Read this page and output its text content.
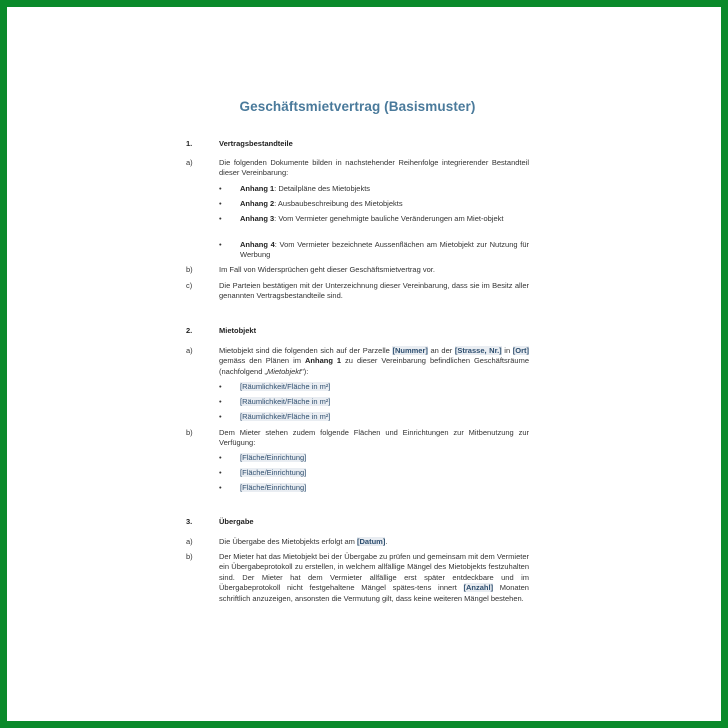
Geschäftsmietvertrag (Basismuster)
1.	Vertragsbestandteile
a)	Die folgenden Dokumente bilden in nachstehender Reihenfolge integrierender Bestandteil dieser Vereinbarung:
• Anhang 1: Detailpläne des Mietobjekts
• Anhang 2: Ausbaubeschreibung des Mietobjekts
• Anhang 3: Vom Vermieter genehmigte bauliche Veränderungen am Miet-objekt
• Anhang 4: Vom Vermieter bezeichnete Aussenflächen am Mietobjekt zur Nutzung für Werbung
b)	Im Fall von Widersprüchen geht dieser Geschäftsmietvertrag vor.
c)	Die Parteien bestätigen mit der Unterzeichnung dieser Vereinbarung, dass sie im Besitz aller genannten Vertragsbestandteile sind.
2.	Mietobjekt
a)	Mietobjekt sind die folgenden sich auf der Parzelle [Nummer] an der [Strasse, Nr.] in [Ort] gemäss den Plänen im Anhang 1 zu dieser Vereinbarung befindlichen Geschäftsräume (nachfolgend „Mietobjekt"):
• [Räumlichkeit/Fläche in m²]
• [Räumlichkeit/Fläche in m²]
• [Räumlichkeit/Fläche in m²]
b)	Dem Mieter stehen zudem folgende Flächen und Einrichtungen zur Mitbenutzung zur Verfügung:
• [Fläche/Einrichtung]
• [Fläche/Einrichtung]
• [Fläche/Einrichtung]
3.	Übergabe
a)	Die Übergabe des Mietobjekts erfolgt am [Datum].
b)	Der Mieter hat das Mietobjekt bei der Übergabe zu prüfen und gemeinsam mit dem Vermieter ein Übergabeprotokoll zu erstellen, in welchem allfällige Mängel des Mietobjekts festzuhalten sind. Der Mieter hat dem Vermieter allfällige erst später entdeckbare und im Übergabeprotokoll nicht festgehaltene Mängel spätes-tens innert [Anzahl] Monaten schriftlich anzuzeigen, ansonsten die Vermutung gilt, dass keine weiteren Mängel bestehen.
